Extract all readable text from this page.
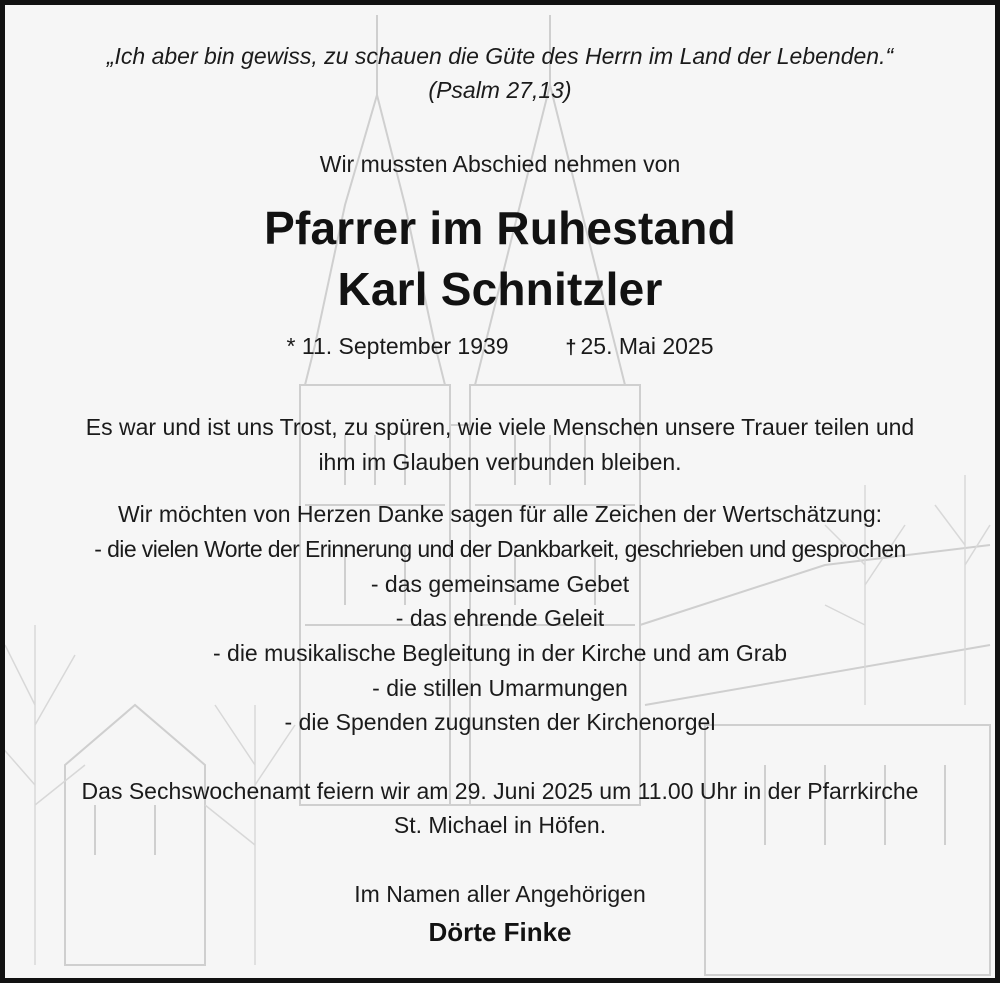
„Ich aber bin gewiss, zu schauen die Güte des Herrn im Land der Lebenden.“
(Psalm 27,13)
Wir mussten Abschied nehmen von
Pfarrer im Ruhestand
Karl Schnitzler
* 11. September 1939	† 25. Mai 2025
Es war und ist uns Trost, zu spüren, wie viele Menschen unsere Trauer teilen und
ihm im Glauben verbunden bleiben.
Wir möchten von Herzen Danke sagen für alle Zeichen der Wertschätzung:
- die vielen Worte der Erinnerung und der Dankbarkeit, geschrieben und gesprochen
- das gemeinsame Gebet
- das ehrende Geleit
- die musikalische Begleitung in der Kirche und am Grab
- die stillen Umarmungen
- die Spenden zugunsten der Kirchenorgel
Das Sechswochenamt feiern wir am 29. Juni 2025 um 11.00 Uhr in der Pfarrkirche
St. Michael in Höfen.
Im Namen aller Angehörigen
Dörte Finke
